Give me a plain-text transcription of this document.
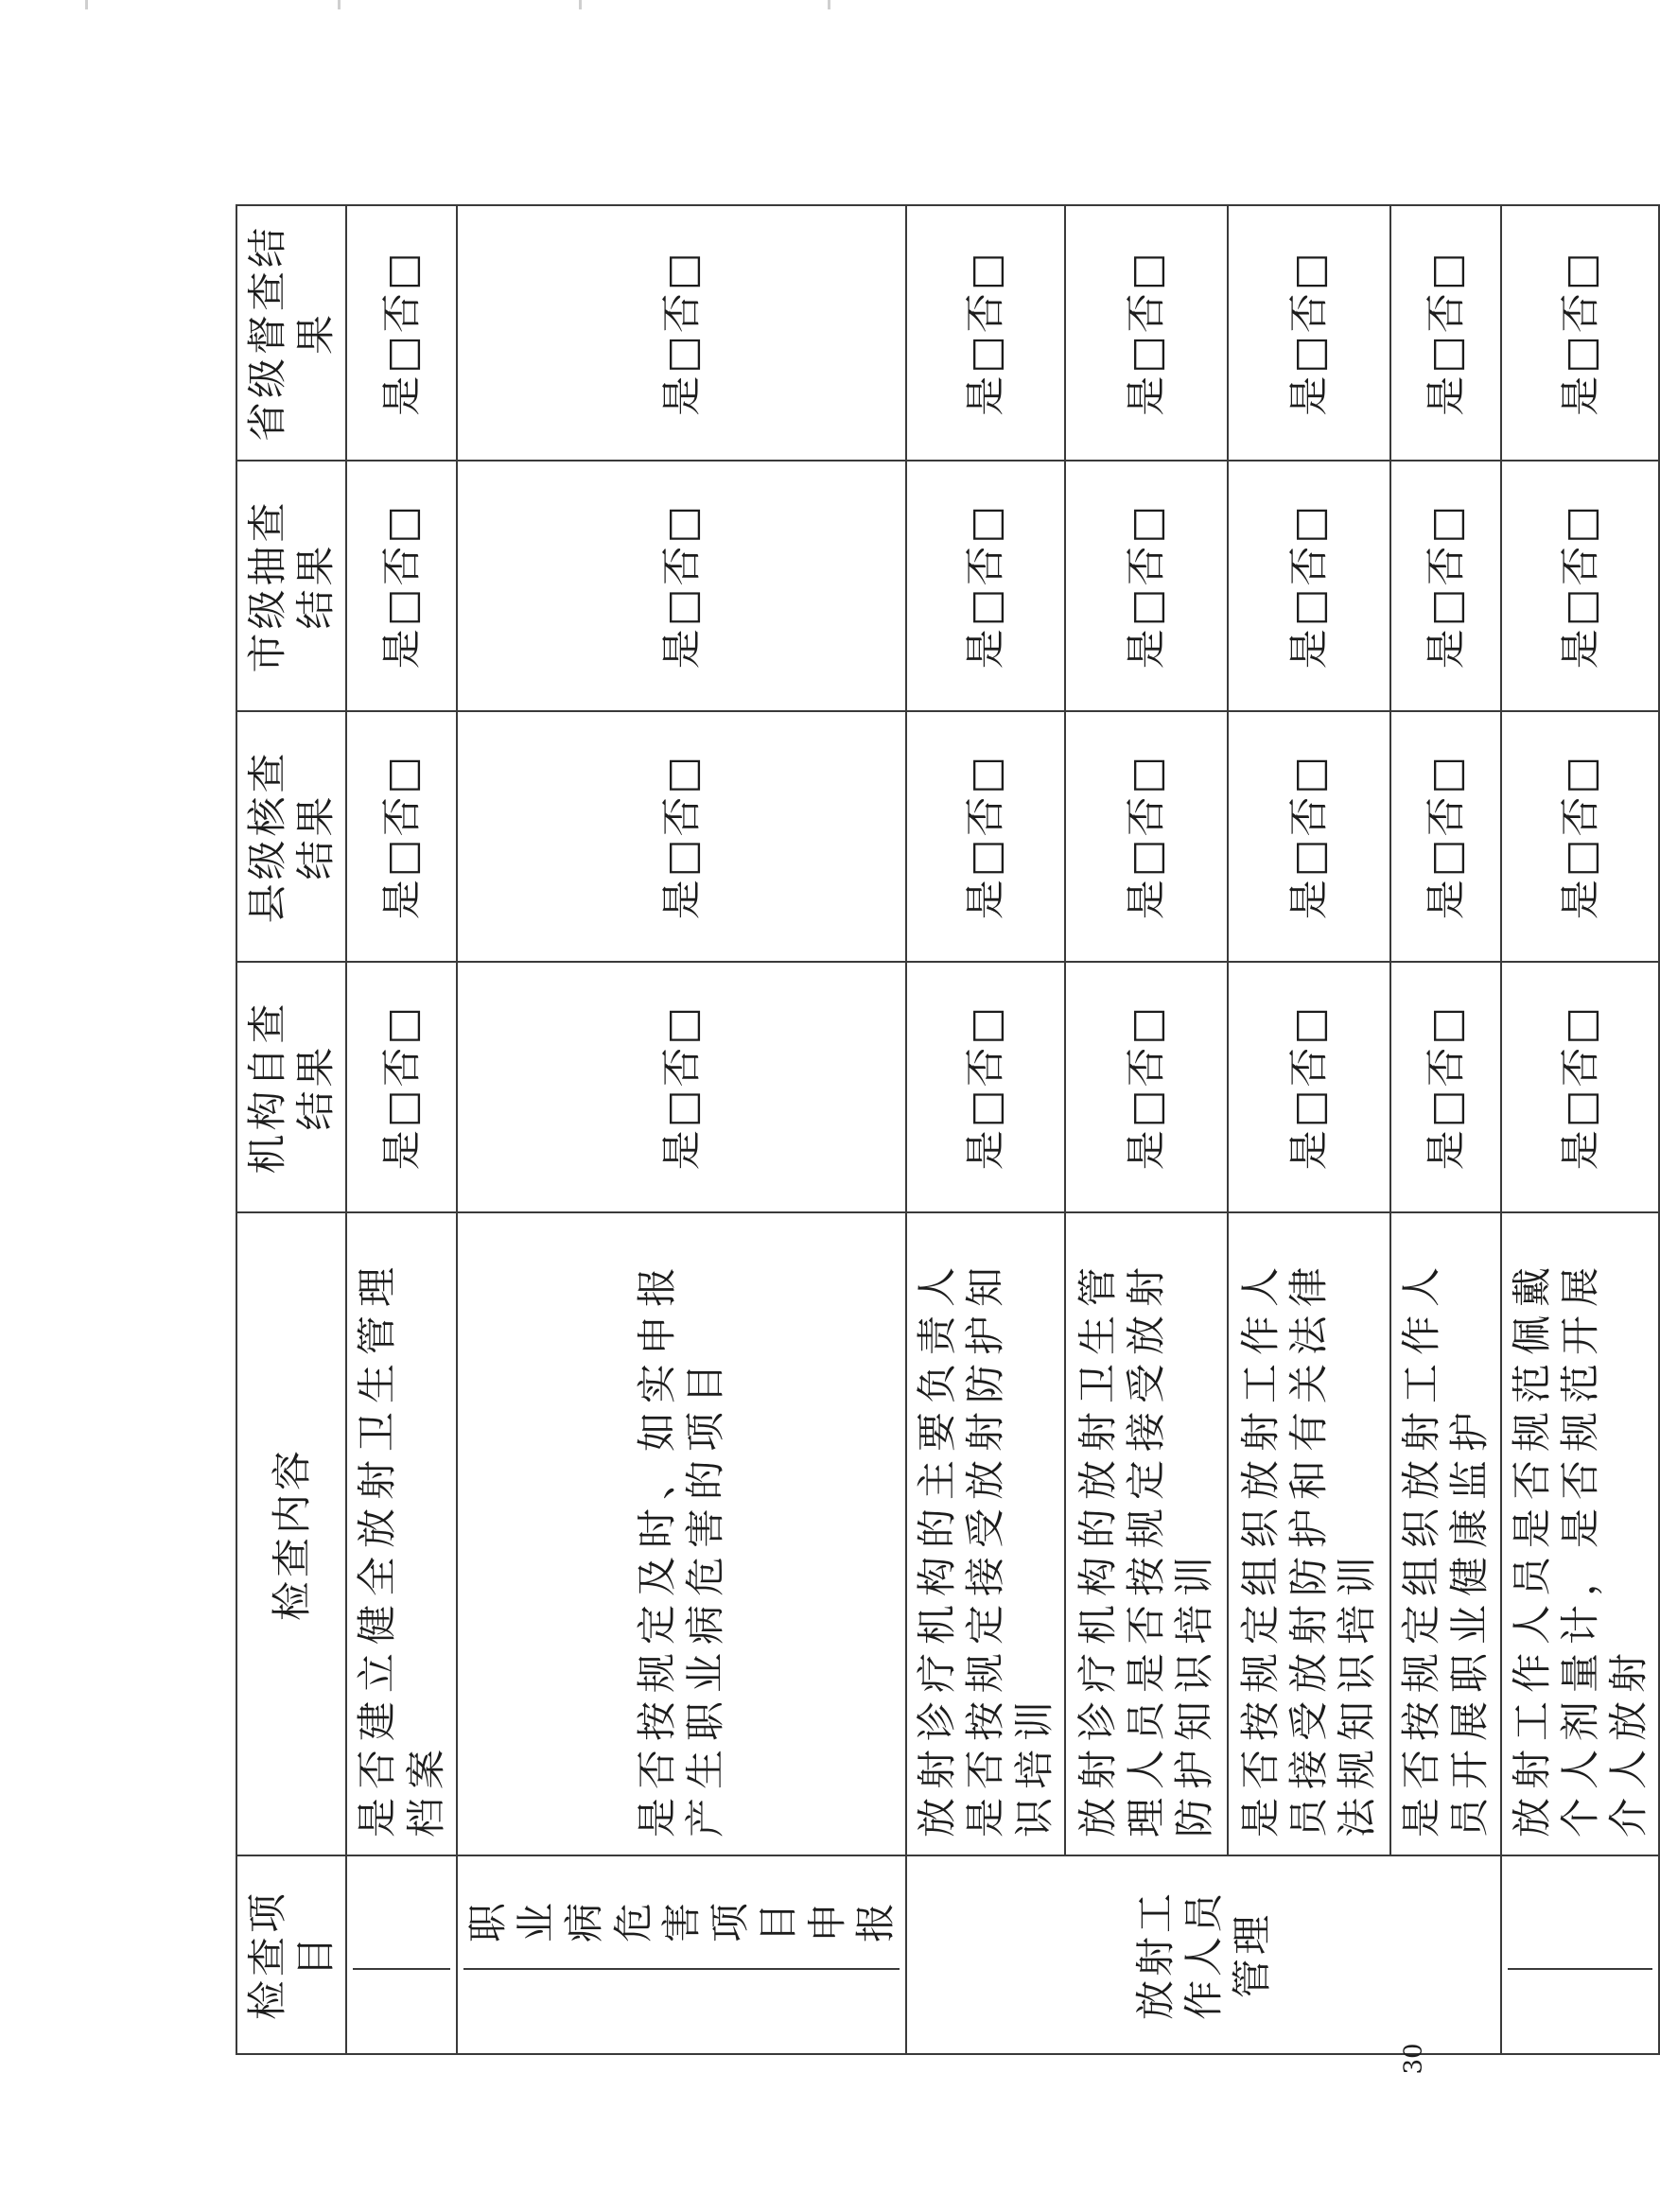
检查项目	检查内容	机构自查结果	县级核查结果	市级抽查结果	省级督查结果

	是否建立健全放射卫生管理档案	是□否□	是□否□	是□否□	是□否□

职业病危害项目申报	是否按规定及时、如实申报产生职业病危害的项目	是□否□	是□否□	是□否□	是□否□

放射工作人员管理	放射诊疗机构的主要负责人是否按规定接受放射防护知识培训	是□否□	是□否□	是□否□	是□否□
	放射诊疗机构的放射卫生管理人员是否按规定接受放射防护知识培训	是□否□	是□否□	是□否□	是□否□
	是否按规定组织放射工作人员接受放射防护和有关法律法规知识培训	是□否□	是□否□	是□否□	是□否□
	是否按规定组织放射工作人员开展职业健康监护	是□否□	是□否□	是□否□	是□否□

	放射工作人员是否规范佩戴个人剂量计，是否规范开展介人放射	是□否□	是□否□	是□否□	是□否□
30
